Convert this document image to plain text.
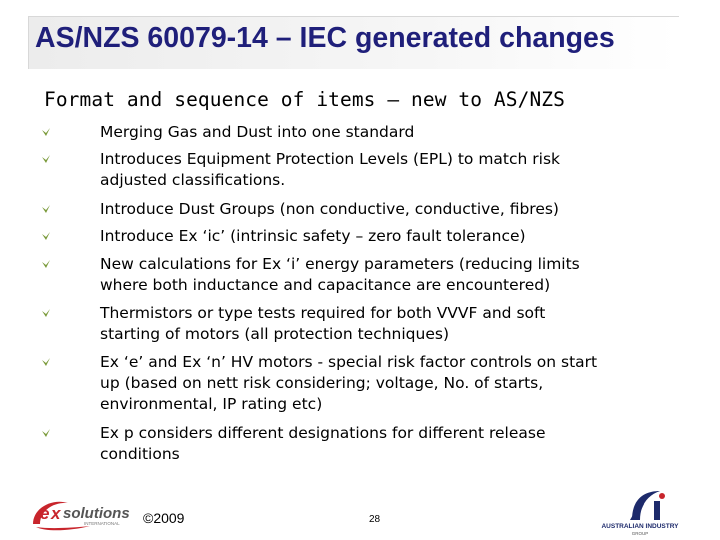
AS/NZS 60079-14 – IEC generated changes
Format and sequence of items – new to AS/NZS
Merging Gas and Dust into one standard
Introduces Equipment Protection Levels (EPL) to match risk
adjusted classifications.
Introduce Dust Groups (non conductive, conductive, fibres)
Introduce Ex ‘ic’ (intrinsic safety – zero fault tolerance)
New calculations for Ex ‘i’ energy parameters (reducing limits
where both inductance and capacitance are encountered)
Thermistors or type tests required for both VVVF and soft
starting of motors (all protection techniques)
Ex ‘e’ and Ex ‘n’ HV motors - special risk factor controls on start
up (based on nett risk considering; voltage, No. of starts,
environmental, IP rating etc)
Ex p considers different designations for different release
conditions
e x solutions
INTERNATIONAL ©2009	28
AUSTRALIAN INDUSTRY
GROUP
